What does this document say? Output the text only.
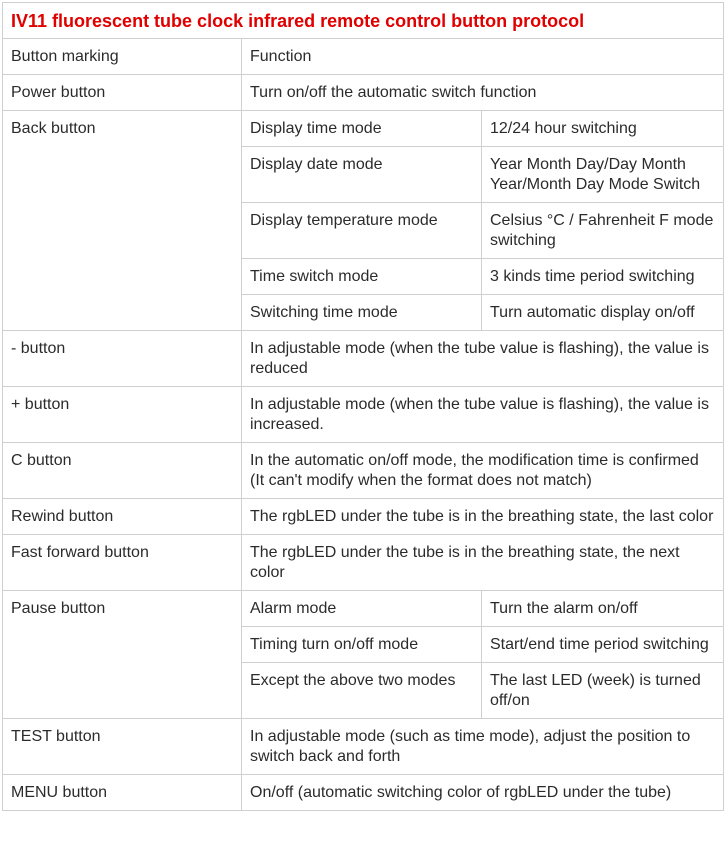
IV11 fluorescent tube clock infrared remote control button protocol		
Button marking	Function	
Power button	Turn on/off the automatic switch function	
Back button	Display time mode	12/24 hour switching
	Display date mode	Year Month Day/Day Month Year/Month Day Mode Switch
	Display temperature mode	Celsius °C / Fahrenheit F mode switching
	Time switch mode	3 kinds time period switching
	Switching time mode	Turn automatic display on/off
- button	In adjustable mode (when the tube value is flashing), the value is reduced	
+ button	In adjustable mode (when the tube value is flashing), the value is increased.	
C button	In the automatic on/off mode, the modification time is confirmed (It can't modify when the format does not match)	
Rewind button	The rgbLED under the tube is in the breathing state, the last color	
Fast forward button	The rgbLED under the tube is in the breathing state, the next color	
Pause button	Alarm mode	Turn the alarm on/off
	Timing turn on/off mode	Start/end time period switching
	Except the above two modes	The last LED (week) is turned off/on
TEST button	In adjustable mode (such as time mode), adjust the position to switch back and forth	
MENU button	On/off (automatic switching color of rgbLED under the tube)	
